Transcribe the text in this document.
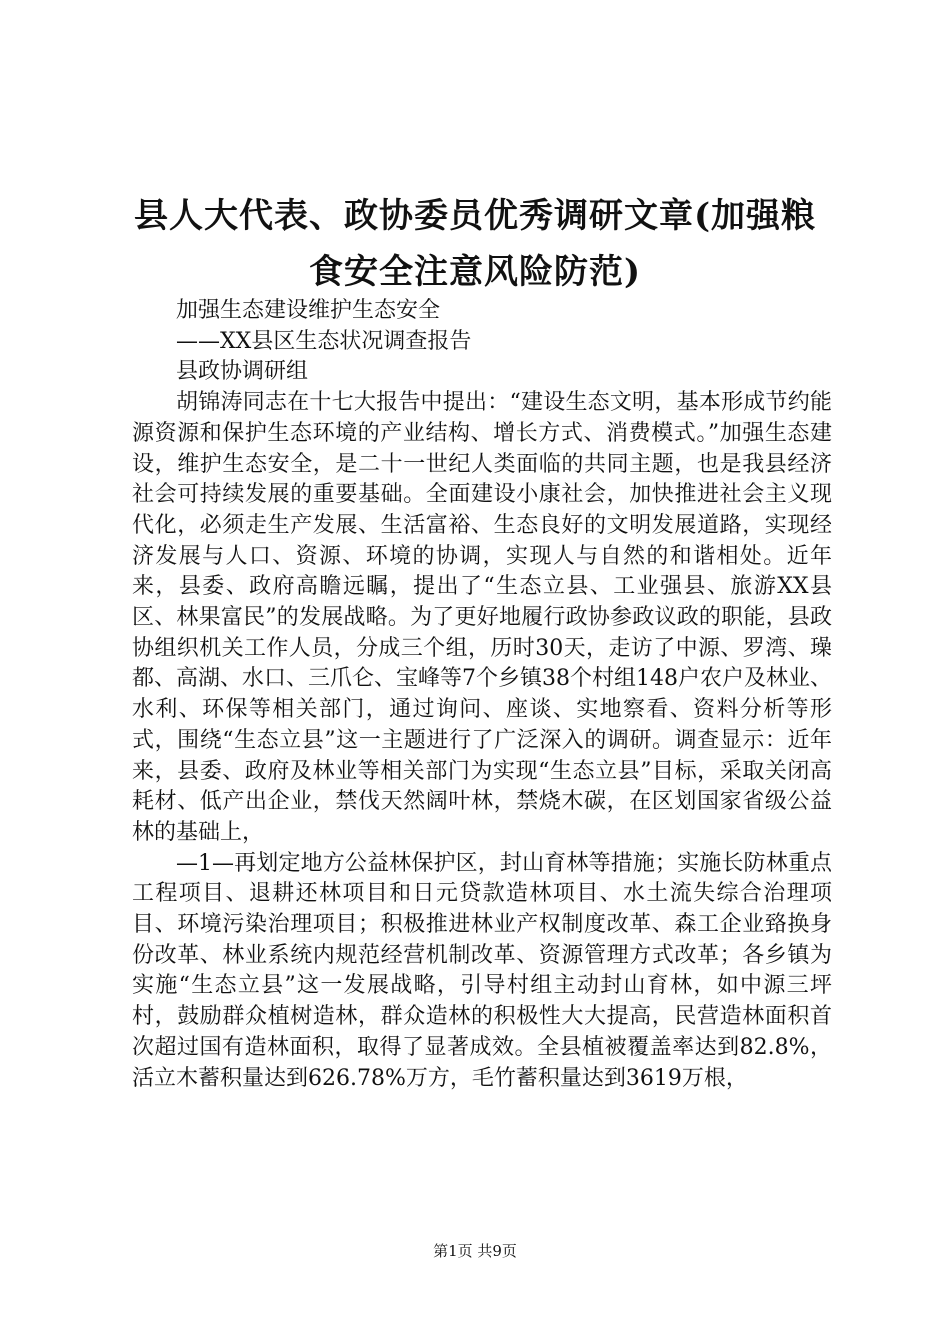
县人大代表、政协委员优秀调研文章(加强粮食安全注意风险防范)

加强生态建设维护生态安全

——XX县区生态状况调查报告

县政协调研组

胡锦涛同志在十七大报告中提出：“建设生态文明，基本形成节约能源资源和保护生态环境的产业结构、增长方式、消费模式。”加强生态建设，维护生态安全，是二十一世纪人类面临的共同主题，也是我县经济社会可持续发展的重要基础。全面建设小康社会，加快推进社会主义现代化，必须走生产发展、生活富裕、生态良好的文明发展道路，实现经济发展与人口、资源、环境的协调，实现人与自然的和谐相处。近年来，县委、政府高瞻远瞩，提出了“生态立县、工业强县、旅游XX县区、林果富民”的发展战略。为了更好地履行政协参政议政的职能，县政协组织机关工作人员，分成三个组，历时30天，走访了中源、罗湾、璪都、高湖、水口、三爪仑、宝峰等7个乡镇38个村组148户农户及林业、水利、环保等相关部门，通过询问、座谈、实地察看、资料分析等形式，围绕“生态立县”这一主题进行了广泛深入的调研。调查显示：近年来，县委、政府及林业等相关部门为实现“生态立县”目标，采取关闭高耗材、低产出企业，禁伐天然阔叶林，禁烧木碳，在区划国家省级公益林的基础上，

—1—再划定地方公益林保护区，封山育林等措施；实施长防林重点工程项目、退耕还林项目和日元贷款造林项目、水土流失综合治理项目、环境污染治理项目；积极推进林业产权制度改革、森工企业臵换身份改革、林业系统内规范经营机制改革、资源管理方式改革；各乡镇为实施“生态立县”这一发展战略，引导村组主动封山育林，如中源三坪村，鼓励群众植树造林，群众造林的积极性大大提高，民营造林面积首次超过国有造林面积，取得了显著成效。全县植被覆盖率达到82.8%，活立木蓄积量达到626.78%万方，毛竹蓄积量达到3619万根，

第1页 共9页
